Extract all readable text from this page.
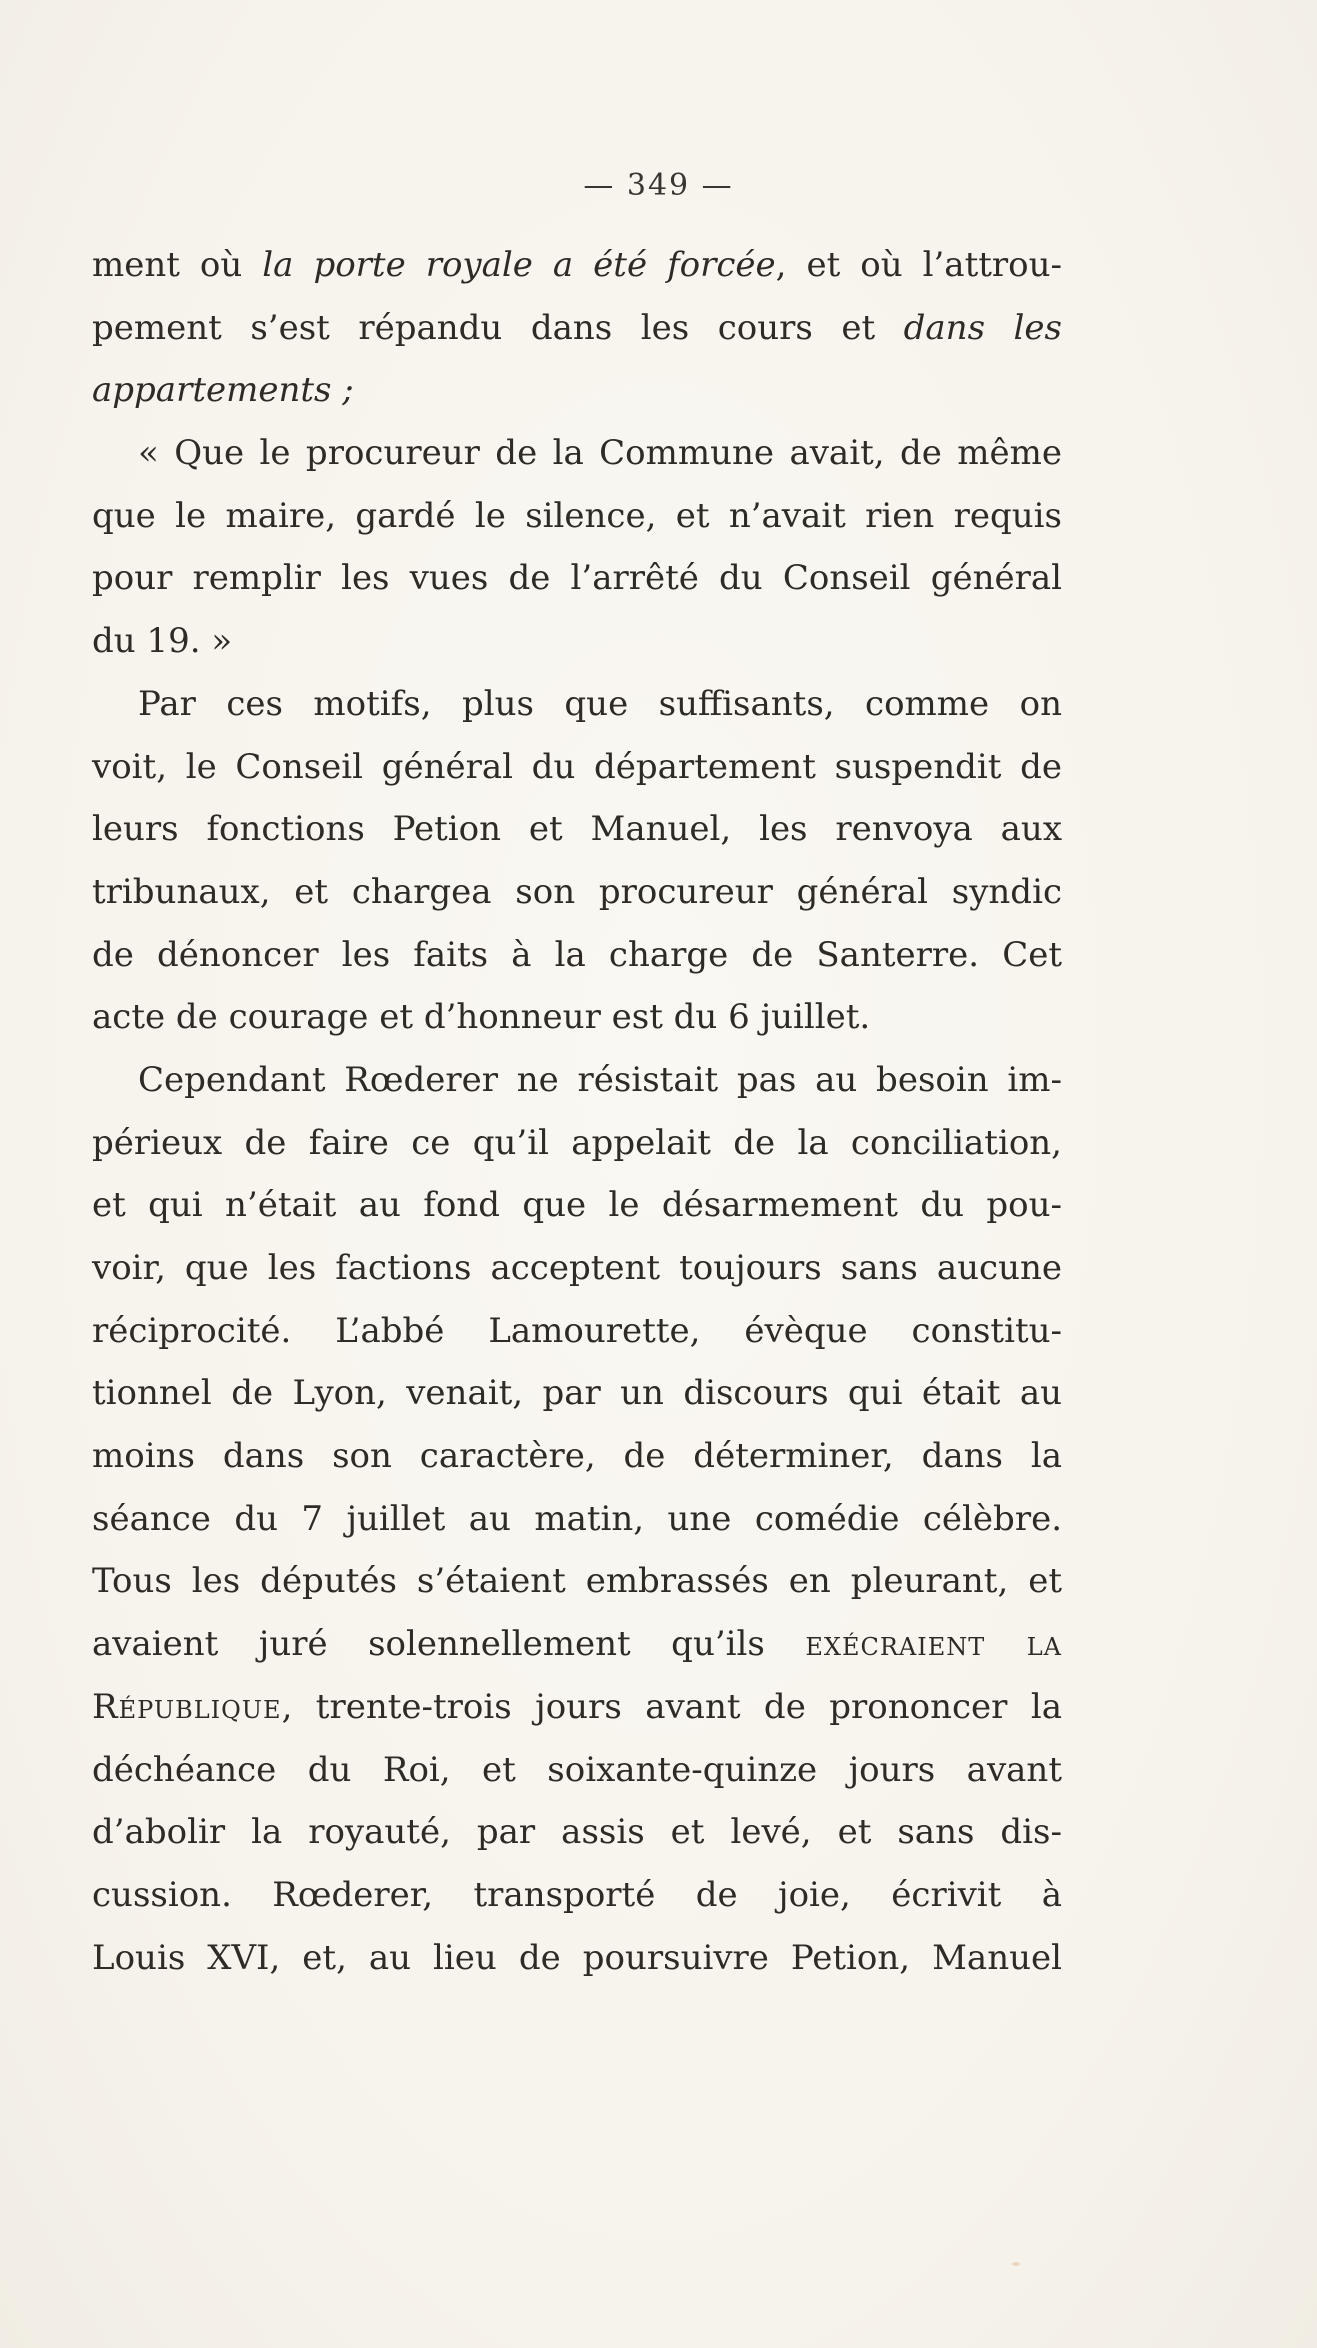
— 349 —
ment où la porte royale a été forcée, et où l’attrou-
pement s’est répandu dans les cours et dans les
appartements ;
« Que le procureur de la Commune avait, de même
que le maire, gardé le silence, et n’avait rien requis
pour remplir les vues de l’arrêté du Conseil général
du 19. »
Par ces motifs, plus que suffisants, comme on
voit, le Conseil général du département suspendit de
leurs fonctions Petion et Manuel, les renvoya aux
tribunaux, et chargea son procureur général syndic
de dénoncer les faits à la charge de Santerre. Cet
acte de courage et d’honneur est du 6 juillet.
Cependant Rœderer ne résistait pas au besoin im-
périeux de faire ce qu’il appelait de la conciliation,
et qui n’était au fond que le désarmement du pou-
voir, que les factions acceptent toujours sans aucune
réciprocité. L’abbé Lamourette, évèque constitu-
tionnel de Lyon, venait, par un discours qui était au
moins dans son caractère, de déterminer, dans la
séance du 7 juillet au matin, une comédie célèbre.
Tous les députés s’étaient embrassés en pleurant, et
avaient juré solennellement qu’ils exécraient la
République, trente-trois jours avant de prononcer la
déchéance du Roi, et soixante-quinze jours avant
d’abolir la royauté, par assis et levé, et sans dis-
cussion. Rœderer, transporté de joie, écrivit à
Louis XVI, et, au lieu de poursuivre Petion, Manuel
